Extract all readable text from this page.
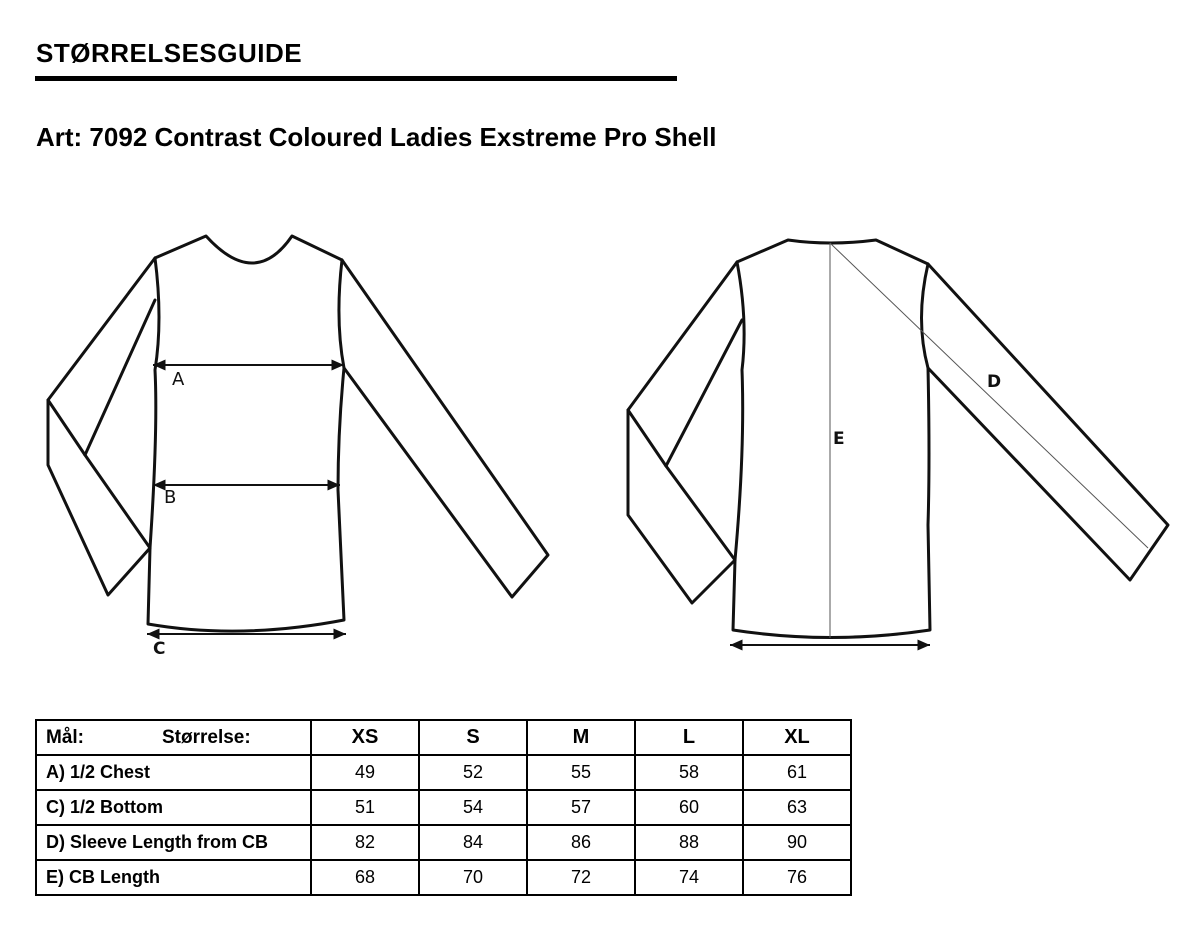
STØRRELSESGUIDE
Art: 7092 Contrast Coloured Ladies Exstreme Pro Shell
A
B
C
E
D
Mål: Størrelse:	XS	S	M	L	XL
A) 1/2 Chest	49	52	55	58	61
C) 1/2 Bottom	51	54	57	60	63
D) Sleeve Length from CB	82	84	86	88	90
E) CB Length	68	70	72	74	76
